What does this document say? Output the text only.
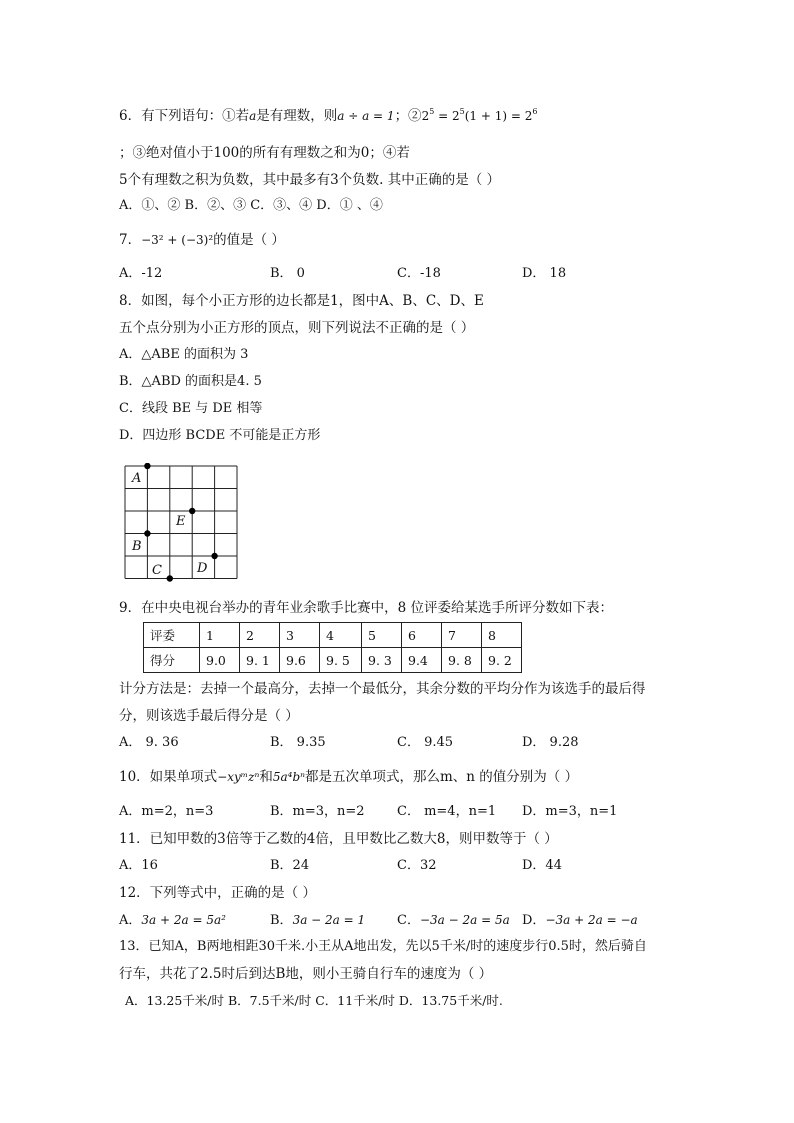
6．有下列语句：①若a是有理数，则a ÷ a = 1；$②2^5 = 2^5(1 + 1) = 2^6$
；③绝对值小于100的所有有理数之和为0；④若
5个有理数之积为负数，其中最多有3个负数. 其中正确的是（ ）
A．①、② B．②、③ C．③、④ D．① 、④
7．−3² + (−3)²的值是（ ）
A．-12	B． 0	C．-18	D． 18
8．如图，每个小正方形的边长都是1，图中A、B、C、D、E
五个点分别为小正方形的顶点，则下列说法不正确的是（ ）
A．△ABE 的面积为 3
B．△ABD 的面积是4. 5
C．线段 BE 与 DE 相等
D．四边形 BCDE 不可能是正方形
A
E
B
C	D
9．在中央电视台举办的青年业余歌手比赛中，8 位评委给某选手所评分数如下表：
评委	1	2	3	4	5	6	7	8
得分	9.0	9. 1	9.6	9. 5	9. 3	9.4	9. 8	9. 2
计分方法是：去掉一个最高分，去掉一个最低分，其余分数的平均分作为该选手的最后得
分，则该选手最后得分是（ ）
A． 9. 36	B． 9.35	C． 9.45	D． 9.28
10．如果单项式−xyᵐzⁿ和5a⁴bⁿ都是五次单项式，那么m、n 的值分别为（ ）
A．m=2，n=3	B．m=3，n=2 C． m=4，n=1 D．m=3，n=1
11．已知甲数的3倍等于乙数的4倍，且甲数比乙数大8，则甲数等于（ ）
A．16	B．24	C．32	D．44
12．下列等式中，正确的是（ ）
A．3a + 2a = 5a²	B．3a − 2a = 1 C．−3a − 2a = 5a D．−3a + 2a = −a
13．已知A，B两地相距30千米.小王从A地出发，先以5千米/时的速度步行0.5时，然后骑自
行车，共花了2.5时后到达B地，则小王骑自行车的速度为（ ）
A．13.25千米/时 B．7.5千米/时 C．11千米/时 D．13.75千米/时.
